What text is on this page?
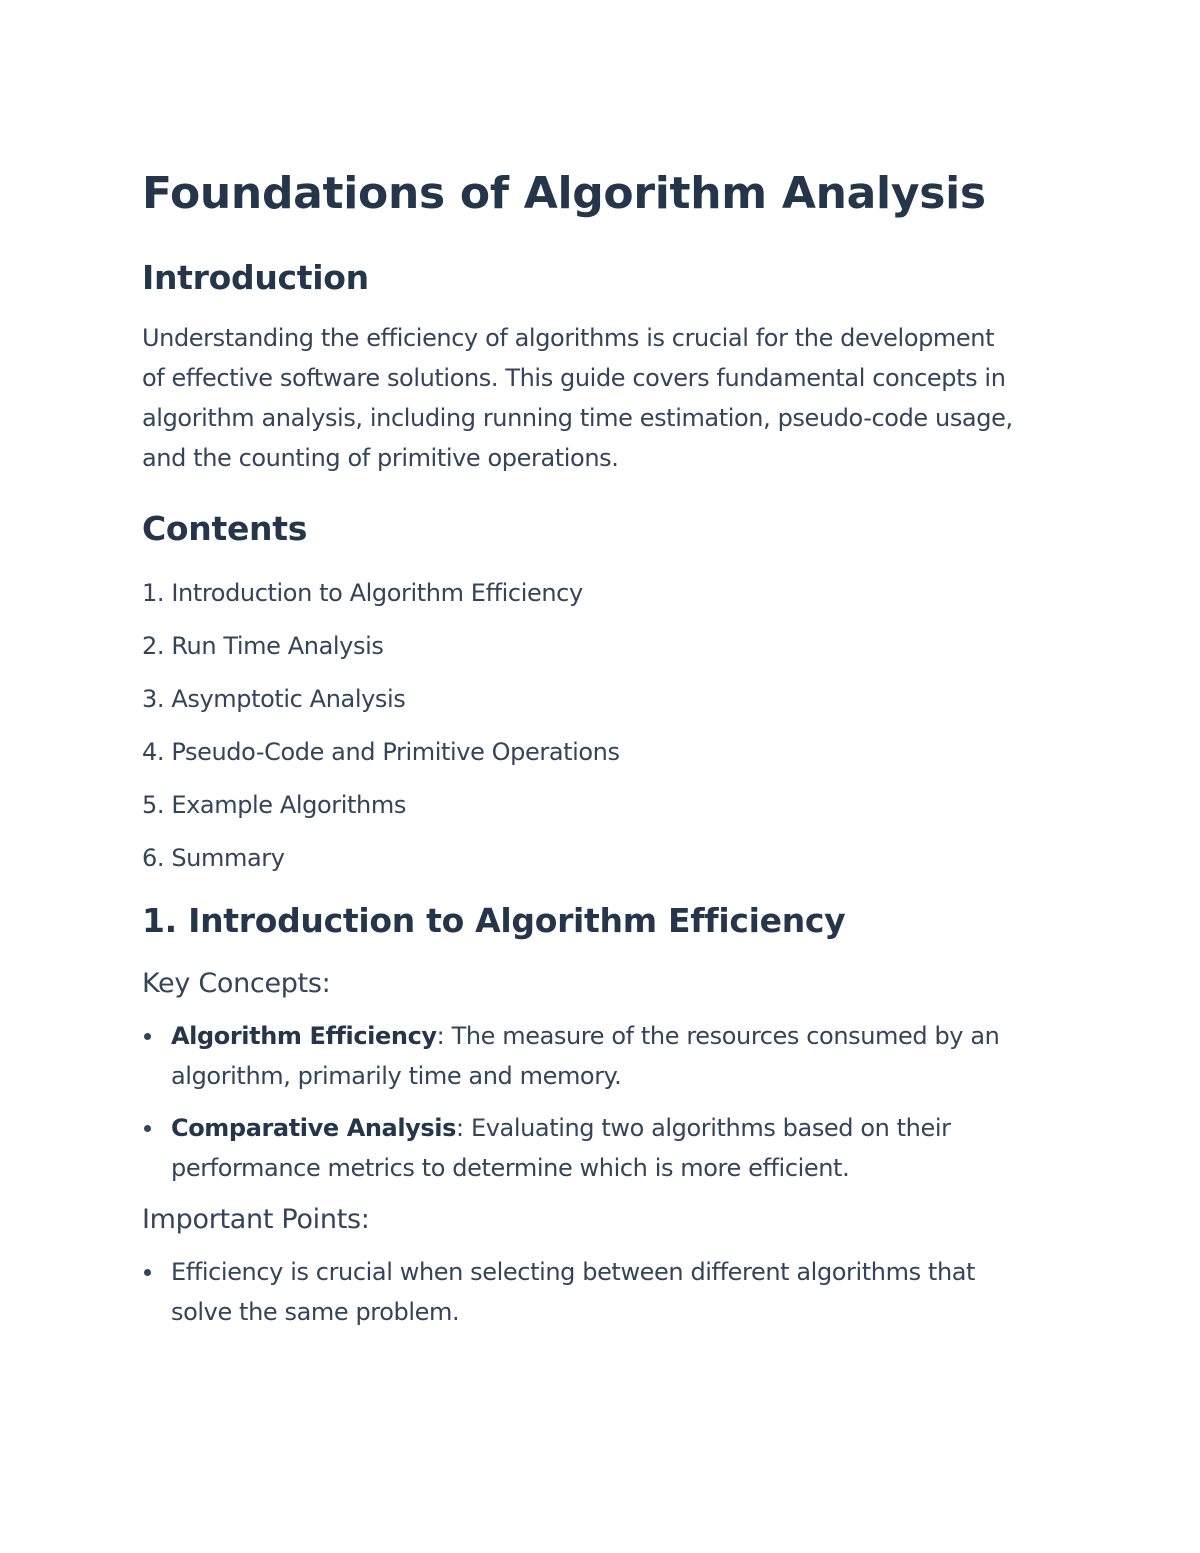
Foundations of Algorithm Analysis
Introduction

Understanding the efficiency of algorithms is crucial for the development
of effective software solutions. This guide covers fundamental concepts in
algorithm analysis, including running time estimation, pseudo-code usage,
and the counting of primitive operations.

Contents
1. Introduction to Algorithm Efficiency
2. Run Time Analysis
3. Asymptotic Analysis
4. Pseudo-Code and Primitive Operations
5. Example Algorithms
6. Summary
1. Introduction to Algorithm Efficiency
Key Concepts:
Algorithm Efficiency: The measure of the resources consumed by an
algorithm, primarily time and memory.
Comparative Analysis: Evaluating two algorithms based on their
performance metrics to determine which is more efficient.
Important Points:
Efficiency is crucial when selecting between different algorithms that
solve the same problem.
